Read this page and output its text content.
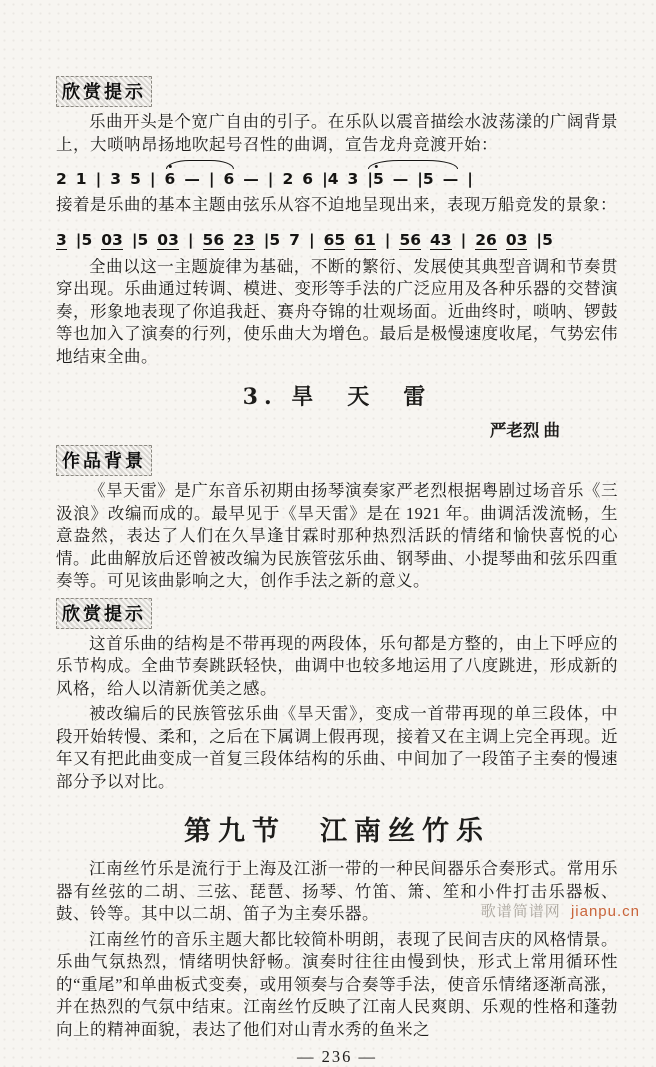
欣赏提示

乐曲开头是个宽广自由的引子。在乐队以震音描绘水波荡漾的广阔背景上，大唢呐昂扬地吹起号召性的曲调，宣告龙舟竞渡开始：

2 1 | 3 5 | 6 — | 6 — | 2 6 |4 3 |5 — |5 — |

接着是乐曲的基本主题由弦乐从容不迫地呈现出来，表现万船竞发的景象：

3 |5 03 |5 03 | 56 23 |5 7 | 65 61 | 56 43 | 26 03 |5

全曲以这一主题旋律为基础，不断的繁衍、发展使其典型音调和节奏贯穿出现。乐曲通过转调、模进、变形等手法的广泛应用及各种乐器的交替演奏，形象地表现了你追我赶、赛舟夺锦的壮观场面。近曲终时，唢呐、锣鼓等也加入了演奏的行列，使乐曲大为增色。最后是极慢速度收尾，气势宏伟地结束全曲。

3. 旱　天　雷
严老烈 曲
作品背景

《旱天雷》是广东音乐初期由扬琴演奏家严老烈根据粤剧过场音乐《三汲浪》改编而成的。最早见于《旱天雷》是在 1921 年。曲调活泼流畅，生意盎然，表达了人们在久旱逢甘霖时那种热烈活跃的情绪和愉快喜悦的心情。此曲解放后还曾被改编为民族管弦乐曲、钢琴曲、小提琴曲和弦乐四重奏等。可见该曲影响之大，创作手法之新的意义。

欣赏提示

这首乐曲的结构是不带再现的两段体，乐句都是方整的，由上下呼应的乐节构成。全曲节奏跳跃轻快，曲调中也较多地运用了八度跳进，形成新的风格，给人以清新优美之感。

被改编后的民族管弦乐曲《旱天雷》，变成一首带再现的单三段体，中段开始转慢、柔和，之后在下属调上假再现，接着又在主调上完全再现。近年又有把此曲变成一首复三段体结构的乐曲、中间加了一段笛子主奏的慢速部分予以对比。

第九节　江南丝竹乐

江南丝竹乐是流行于上海及江浙一带的一种民间器乐合奏形式。常用乐器有丝弦的二胡、三弦、琵琶、扬琴、竹笛、箫、笙和小件打击乐器板、鼓、铃等。其中以二胡、笛子为主奏乐器。

江南丝竹的音乐主题大都比较简朴明朗，表现了民间吉庆的风格情景。乐曲气氛热烈，情绪明快舒畅。演奏时往往由慢到快，形式上常用循环性的“重尾”和单曲板式变奏，或用领奏与合奏等手法，使音乐情绪逐渐高涨，并在热烈的气氛中结束。江南丝竹反映了江南人民爽朗、乐观的性格和蓬勃向上的精神面貌，表达了他们对山青水秀的鱼米之

— 236 —
歌谱简谱网 jianpu.cn
